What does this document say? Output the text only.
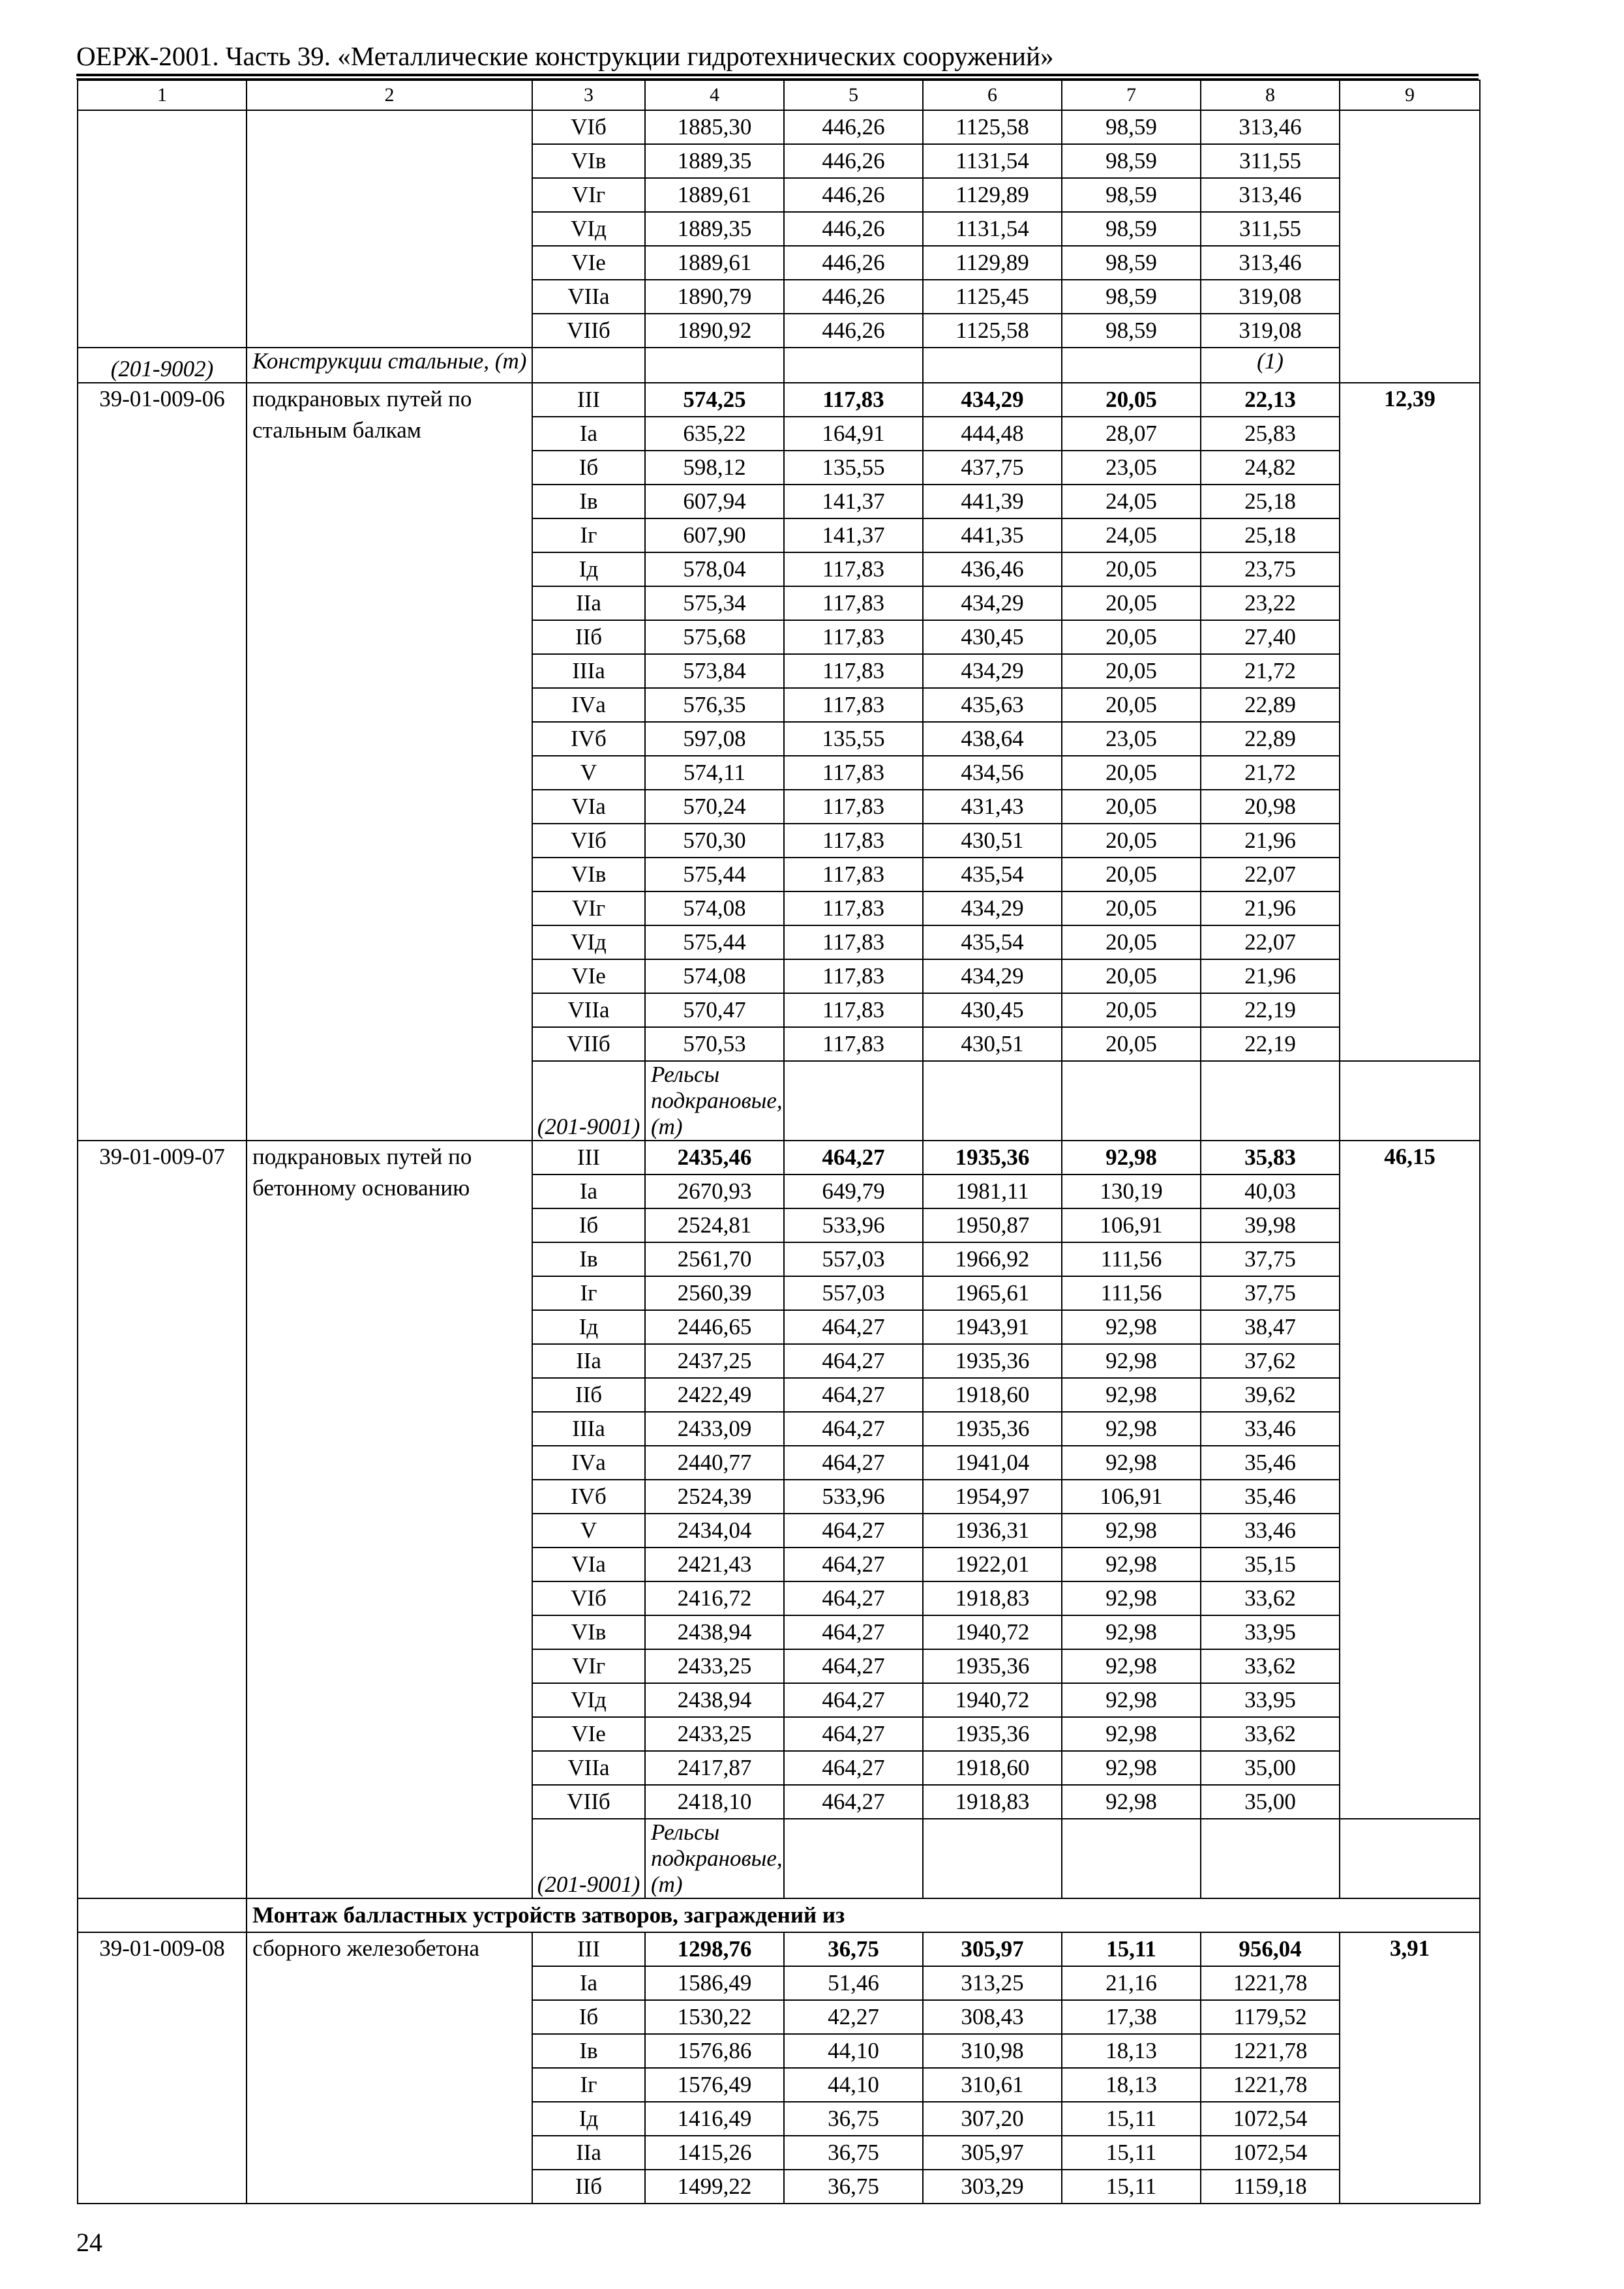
ОЕРЖ-2001. Часть 39. «Металлические конструкции гидротехнических сооружений»
1	2	3	4	5	6	7	8	9	
		VIб	1885,30	446,26	1125,58	98,59	313,46		
		VIв	1889,35	446,26	1131,54	98,59	311,55		
		VIг	1889,61	446,26	1129,89	98,59	313,46		
		VIд	1889,35	446,26	1131,54	98,59	311,55		
		VIе	1889,61	446,26	1129,89	98,59	313,46		
		VIIа	1890,79	446,26	1125,45	98,59	319,08		
		VIIб	1890,92	446,26	1125,58	98,59	319,08		
(201-9002)	Конструкции стальные, (т)						(1)		
39-01-009-06	подкрановых путей по стальным балкам	III	574,25	117,83	434,29	20,05	22,13	12,39	
		Iа	635,22	164,91	444,48	28,07	25,83		
		Iб	598,12	135,55	437,75	23,05	24,82		
		Iв	607,94	141,37	441,39	24,05	25,18		
		Iг	607,90	141,37	441,35	24,05	25,18		
		Iд	578,04	117,83	436,46	20,05	23,75		
		IIа	575,34	117,83	434,29	20,05	23,22		
		IIб	575,68	117,83	430,45	20,05	27,40		
		IIIа	573,84	117,83	434,29	20,05	21,72		
		IVа	576,35	117,83	435,63	20,05	22,89		
		IVб	597,08	135,55	438,64	23,05	22,89		
		V	574,11	117,83	434,56	20,05	21,72		
		VIа	570,24	117,83	431,43	20,05	20,98		
		VIб	570,30	117,83	430,51	20,05	21,96		
		VIв	575,44	117,83	435,54	20,05	22,07		
		VIг	574,08	117,83	434,29	20,05	21,96		
		VIд	575,44	117,83	435,54	20,05	22,07		
		VIе	574,08	117,83	434,29	20,05	21,96		
		VIIа	570,47	117,83	430,45	20,05	22,19		
		VIIб	570,53	117,83	430,51	20,05	22,19		
		(201-9001)	Рельсы подкрановые, (т)							
39-01-009-07	подкрановых путей по бетонному основанию	III	2435,46	464,27	1935,36	92,98	35,83	46,15	
		Iа	2670,93	649,79	1981,11	130,19	40,03		
		Iб	2524,81	533,96	1950,87	106,91	39,98		
		Iв	2561,70	557,03	1966,92	111,56	37,75		
		Iг	2560,39	557,03	1965,61	111,56	37,75		
		Iд	2446,65	464,27	1943,91	92,98	38,47		
		IIа	2437,25	464,27	1935,36	92,98	37,62		
		IIб	2422,49	464,27	1918,60	92,98	39,62		
		IIIа	2433,09	464,27	1935,36	92,98	33,46		
		IVа	2440,77	464,27	1941,04	92,98	35,46		
		IVб	2524,39	533,96	1954,97	106,91	35,46		
		V	2434,04	464,27	1936,31	92,98	33,46		
		VIа	2421,43	464,27	1922,01	92,98	35,15		
		VIб	2416,72	464,27	1918,83	92,98	33,62		
		VIв	2438,94	464,27	1940,72	92,98	33,95		
		VIг	2433,25	464,27	1935,36	92,98	33,62		
		VIд	2438,94	464,27	1940,72	92,98	33,95		
		VIе	2433,25	464,27	1935,36	92,98	33,62		
		VIIа	2417,87	464,27	1918,60	92,98	35,00		
		VIIб	2418,10	464,27	1918,83	92,98	35,00		
		(201-9001)	Рельсы подкрановые, (т)							
	Монтаж балластных устройств затворов, заграждений из								
39-01-009-08	сборного железобетона	III	1298,76	36,75	305,97	15,11	956,04	3,91	
		Iа	1586,49	51,46	313,25	21,16	1221,78		
		Iб	1530,22	42,27	308,43	17,38	1179,52		
		Iв	1576,86	44,10	310,98	18,13	1221,78		
		Iг	1576,49	44,10	310,61	18,13	1221,78		
		Iд	1416,49	36,75	307,20	15,11	1072,54		
		IIа	1415,26	36,75	305,97	15,11	1072,54		
		IIб	1499,22	36,75	303,29	15,11	1159,18		
24
